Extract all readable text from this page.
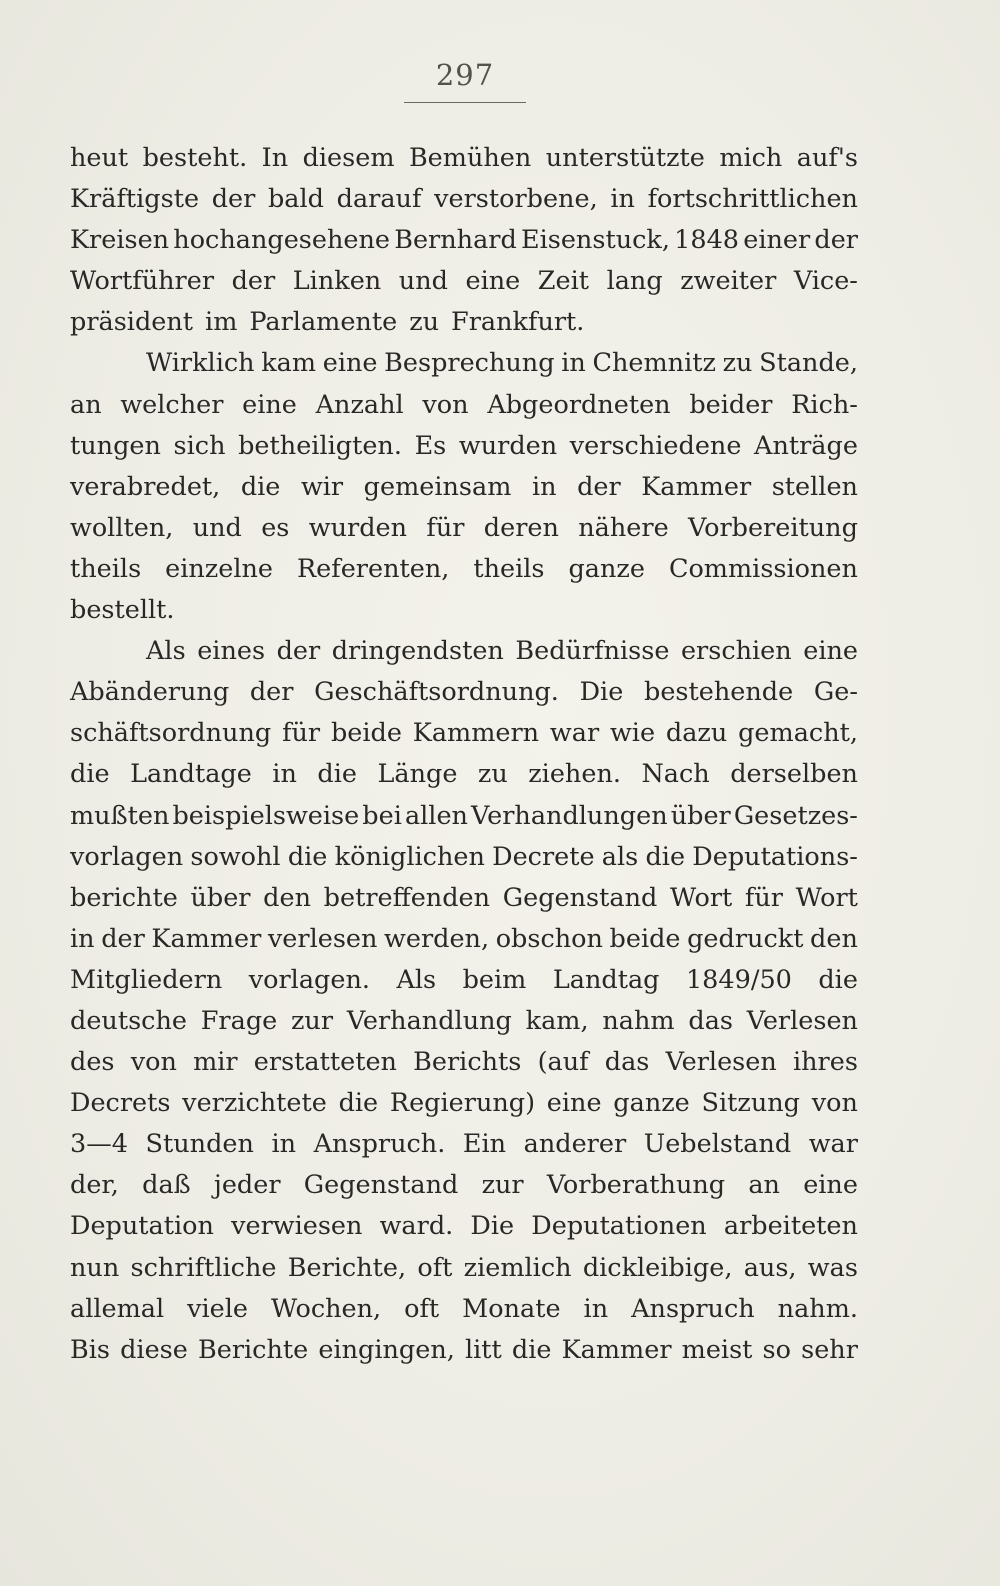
297
heut besteht. In diesem Bemühen unterstützte mich auf's
Kräftigste der bald darauf verstorbene, in fortschrittlichen
Kreisen hochangesehene Bernhard Eisenstuck, 1848 einer der
Wortführer der Linken und eine Zeit lang zweiter Vice-
präsident im Parlamente zu Frankfurt.
Wirklich kam eine Besprechung in Chemnitz zu Stande,
an welcher eine Anzahl von Abgeordneten beider Rich-
tungen sich betheiligten. Es wurden verschiedene Anträge
verabredet, die wir gemeinsam in der Kammer stellen
wollten, und es wurden für deren nähere Vorbereitung
theils einzelne Referenten, theils ganze Commissionen
bestellt.
Als eines der dringendsten Bedürfnisse erschien eine
Abänderung der Geschäftsordnung. Die bestehende Ge-
schäftsordnung für beide Kammern war wie dazu gemacht,
die Landtage in die Länge zu ziehen. Nach derselben
mußten beispielsweise bei allen Verhandlungen über Gesetzes-
vorlagen sowohl die königlichen Decrete als die Deputations-
berichte über den betreffenden Gegenstand Wort für Wort
in der Kammer verlesen werden, obschon beide gedruckt den
Mitgliedern vorlagen. Als beim Landtag 1849/50 die
deutsche Frage zur Verhandlung kam, nahm das Verlesen
des von mir erstatteten Berichts (auf das Verlesen ihres
Decrets verzichtete die Regierung) eine ganze Sitzung von
3—4 Stunden in Anspruch. Ein anderer Uebelstand war
der, daß jeder Gegenstand zur Vorberathung an eine
Deputation verwiesen ward. Die Deputationen arbeiteten
nun schriftliche Berichte, oft ziemlich dickleibige, aus, was
allemal viele Wochen, oft Monate in Anspruch nahm.
Bis diese Berichte eingingen, litt die Kammer meist so sehr
